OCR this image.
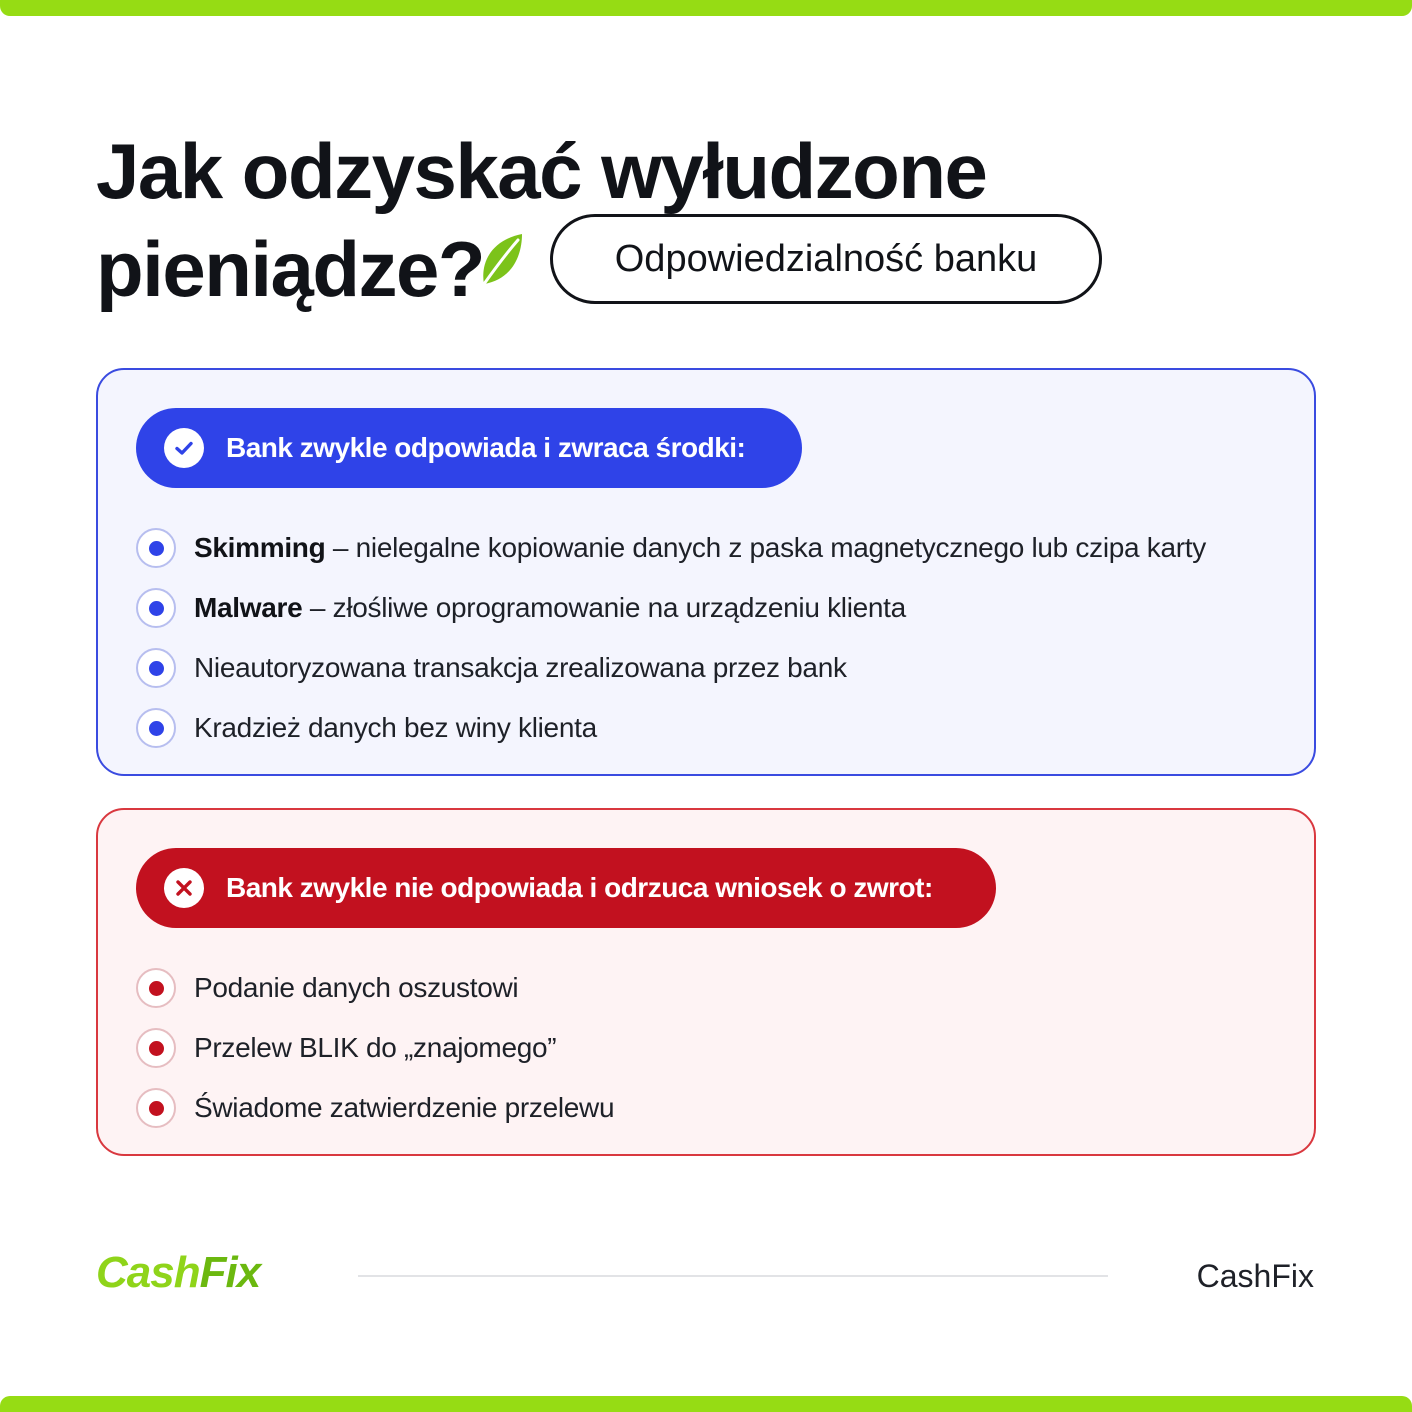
Jak odzyskać wyłudzone
pieniądze?	Odpowiedzialność banku
Bank zwykle odpowiada i zwraca środki:
Skimming – nielegalne kopiowanie danych z paska magnetycznego lub czipa karty
Malware – złośliwe oprogramowanie na urządzeniu klienta
Nieautoryzowana transakcja zrealizowana przez bank
Kradzież danych bez winy klienta
Bank zwykle nie odpowiada i odrzuca wniosek o zwrot:
Podanie danych oszustowi
Przelew BLIK do „znajomego”
Świadome zatwierdzenie przelewu
CashFix	CashFix
